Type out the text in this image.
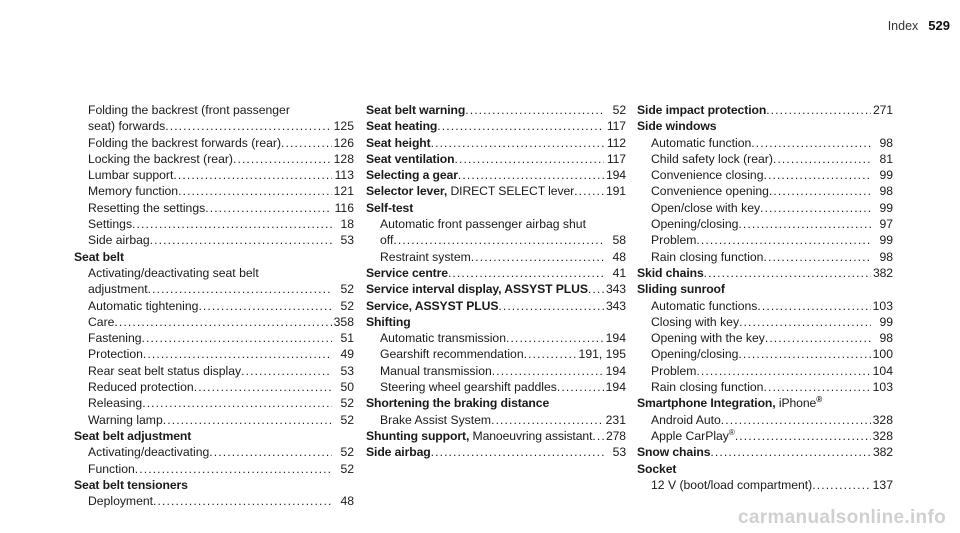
Index 529
Folding the backrest (front passenger
seat) forwards .....	125
Folding the backrest forwards (rear) .....	126
Locking the backrest (rear) .....	128
Lumbar support .....	113
Memory function .....	121
Resetting the settings .....	116
Settings .....	18
Side airbag .....	53
Seat belt
Activating/deactivating seat belt
adjustment .....	52
Automatic tightening .....	52
Care .....	358
Fastening .....	51
Protection .....	49
Rear seat belt status display .....	53
Reduced protection .....	50
Releasing .....	52
Warning lamp .....	52
Seat belt adjustment
Activating/deactivating .....	52
Function .....	52
Seat belt tensioners
Deployment .....	48
Seat belt warning .....	52
Seat heating .....	117
Seat height .....	112
Seat ventilation .....	117
Selecting a gear .....	194
Selector lever, DIRECT SELECT lever .....	191
Self-test
Automatic front passenger airbag shut
off .....	58
Restraint system .....	48
Service centre .....	41
Service interval display, ASSYST PLUS ..... 343
Service, ASSYST PLUS .....	343
Shifting
Automatic transmission .....	194
Gearshift recommendation .....	191, 195
Manual transmission .....	194
Steering wheel gearshift paddles .....	194
Shortening the braking distance
Brake Assist System .....	231
Shunting support, Manoeuvring assistant ..... 278
Side airbag .....	53
Side impact protection .....	271
Side windows
Automatic function .....	98
Child safety lock (rear) .....	81
Convenience closing .....	99
Convenience opening .....	98
Open/close with key .....	99
Opening/closing .....	97
Problem .....	99
Rain closing function .....	98
Skid chains .....	382
Sliding sunroof
Automatic functions .....	103
Closing with key .....	99
Opening with the key .....	98
Opening/closing .....	100
Problem .....	104
Rain closing function .....	103
Smartphone Integration, iPhone®
Android Auto .....	328
Apple CarPlay® .....	328
Snow chains .....	382
Socket
12 V (boot/load compartment) .....	137
carmanualsonline.info
